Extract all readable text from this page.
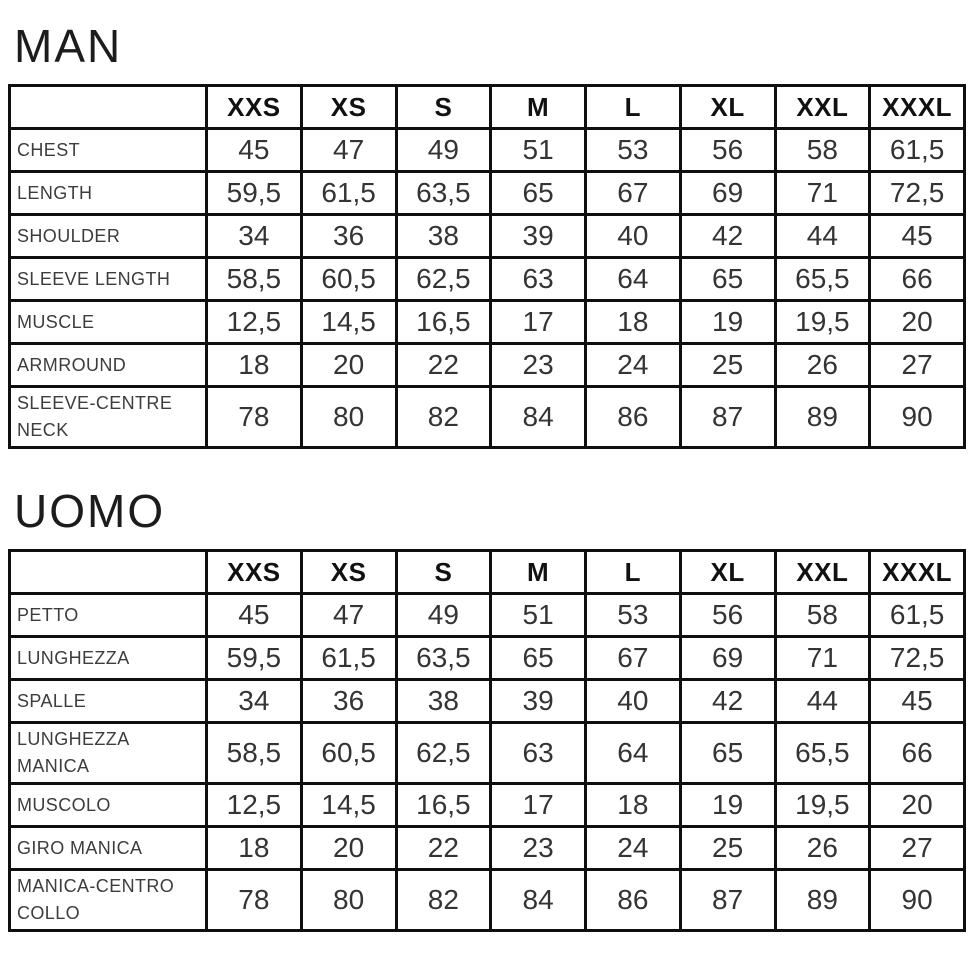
MAN
	XXS	XS	S	M	L	XL	XXL	XXXL
CHEST	45	47	49	51	53	56	58	61,5
LENGTH	59,5	61,5	63,5	65	67	69	71	72,5
SHOULDER	34	36	38	39	40	42	44	45
SLEEVE LENGTH	58,5	60,5	62,5	63	64	65	65,5	66
MUSCLE	12,5	14,5	16,5	17	18	19	19,5	20
ARMROUND	18	20	22	23	24	25	26	27
SLEEVE-CENTRE NECK	78	80	82	84	86	87	89	90
UOMO
	XXS	XS	S	M	L	XL	XXL	XXXL
PETTO	45	47	49	51	53	56	58	61,5
LUNGHEZZA	59,5	61,5	63,5	65	67	69	71	72,5
SPALLE	34	36	38	39	40	42	44	45
LUNGHEZZA MANICA	58,5	60,5	62,5	63	64	65	65,5	66
MUSCOLO	12,5	14,5	16,5	17	18	19	19,5	20
GIRO MANICA	18	20	22	23	24	25	26	27
MANICA-CENTRO COLLO	78	80	82	84	86	87	89	90
